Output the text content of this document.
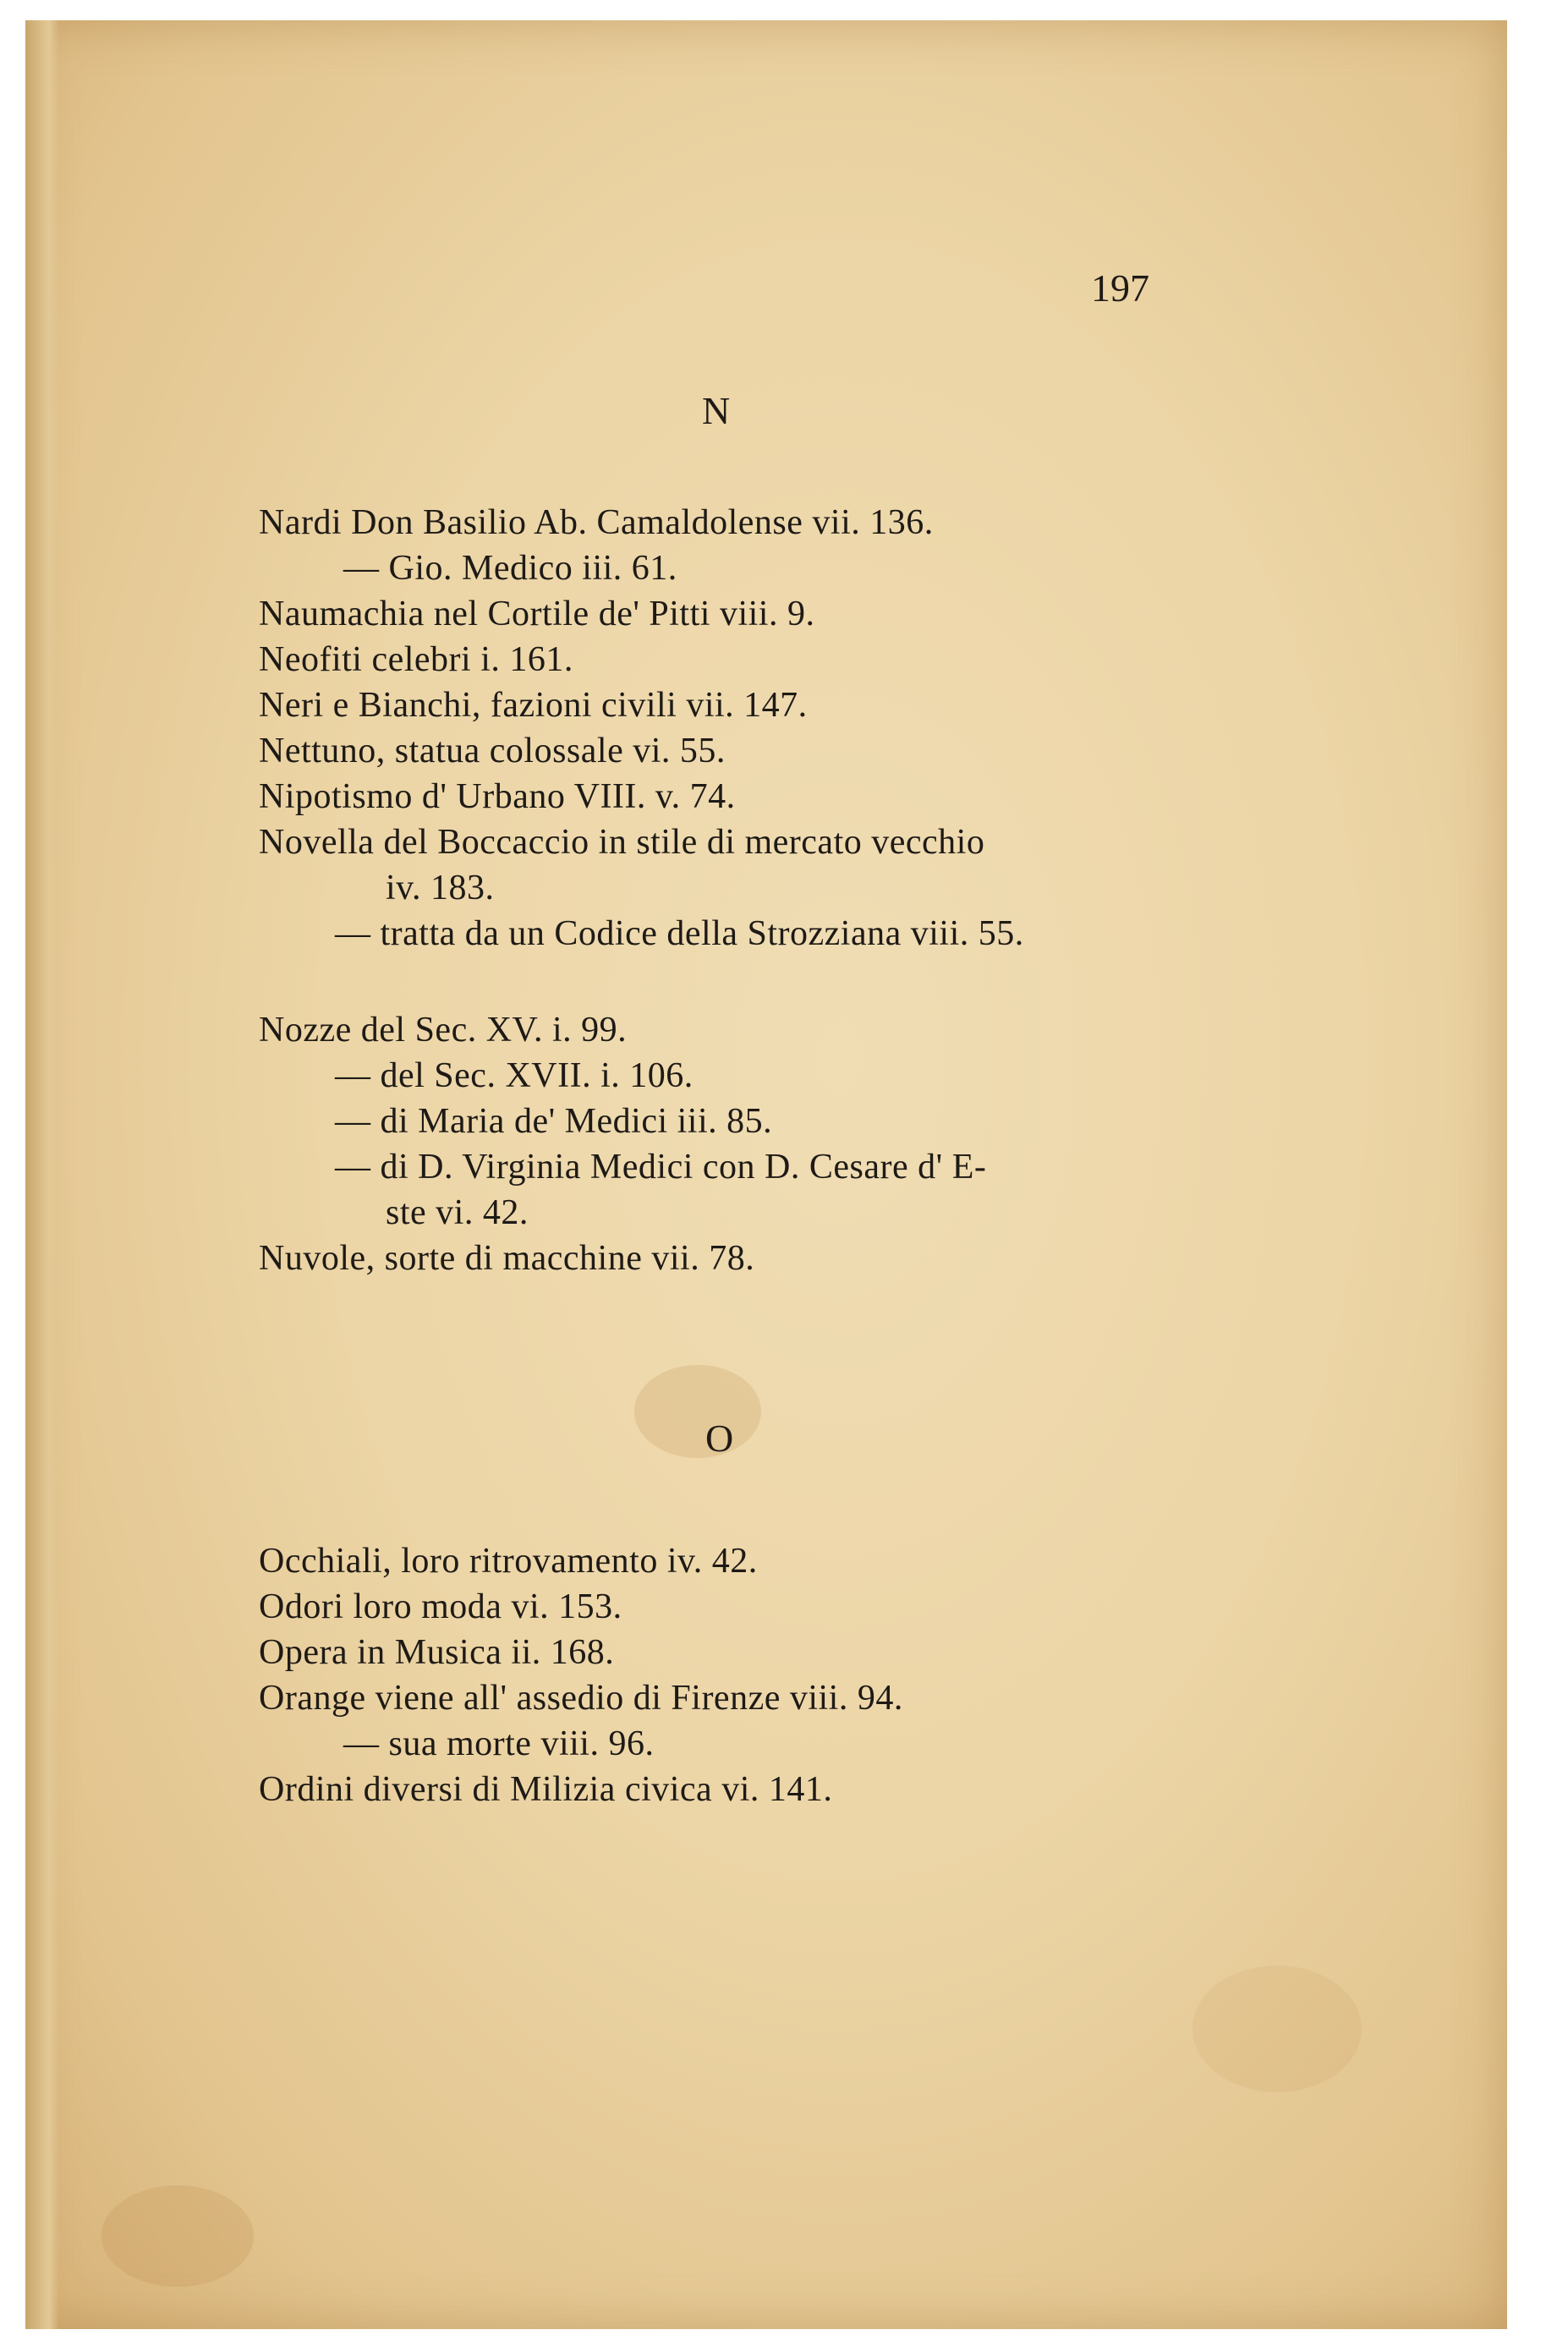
197
N
Nardi Don Basilio Ab. Camaldolense vii. 136.
— Gio. Medico iii. 61.
Naumachia nel Cortile de' Pitti viii. 9.
Neofiti celebri i. 161.
Neri e Bianchi, fazioni civili vii. 147.
Nettuno, statua colossale vi. 55.
Nipotismo d' Urbano VIII. v. 74.
Novella del Boccaccio in stile di mercato vecchio
iv. 183.
— tratta da un Codice della Strozziana viii. 55.
Nozze del Sec. XV. i. 99.
— del Sec. XVII. i. 106.
— di Maria de' Medici iii. 85.
— di D. Virginia Medici con D. Cesare d' E-
ste vi. 42.
Nuvole, sorte di macchine vii. 78.
O
Occhiali, loro ritrovamento iv. 42.
Odori loro moda vi. 153.
Opera in Musica ii. 168.
Orange viene all' assedio di Firenze viii. 94.
— sua morte viii. 96.
Ordini diversi di Milizia civica vi. 141.
